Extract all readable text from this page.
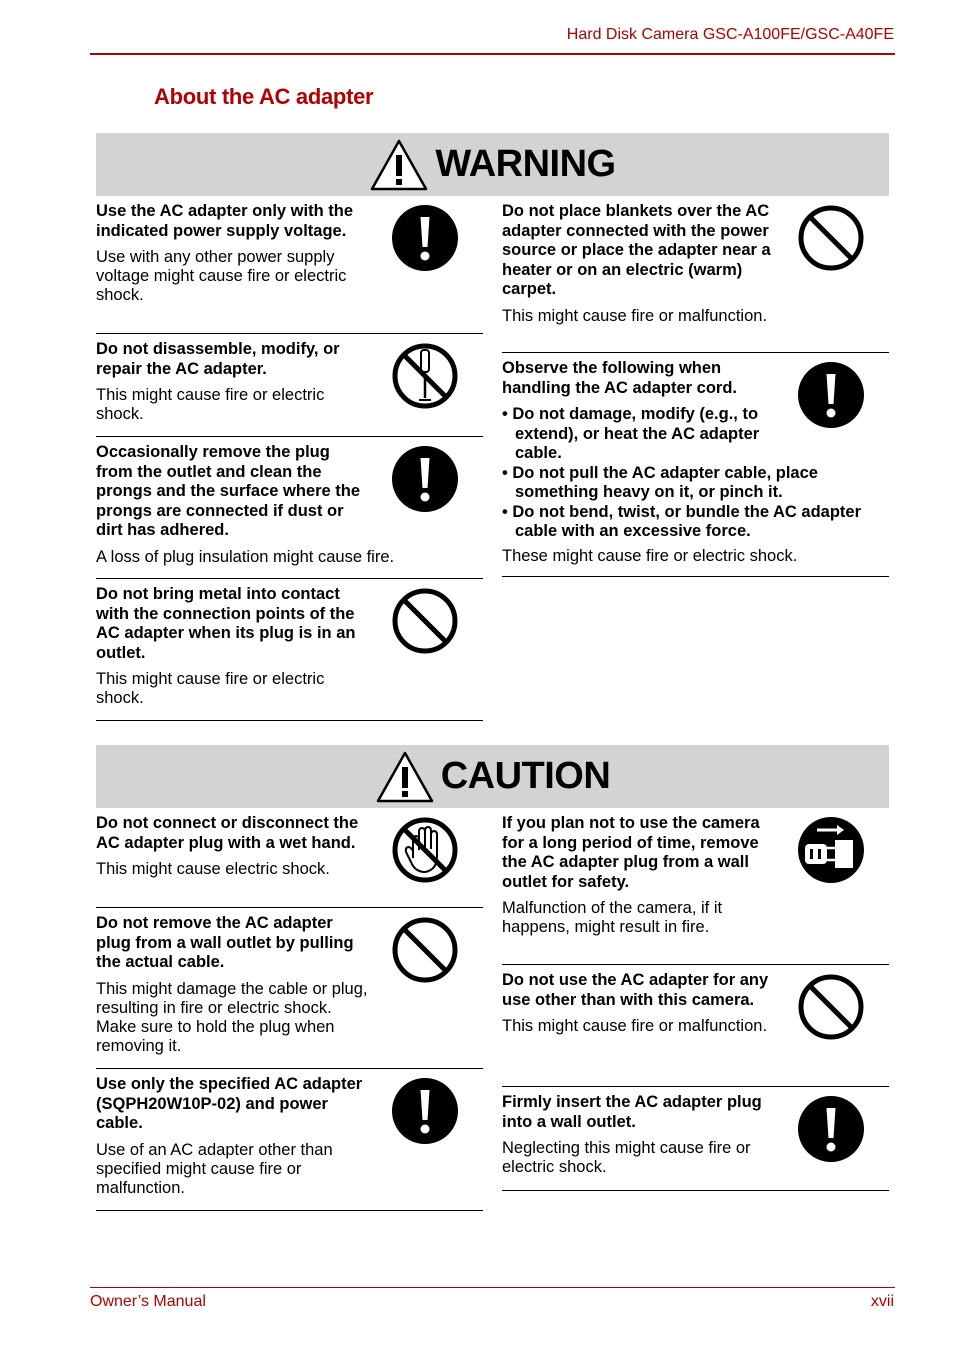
Hard Disk Camera GSC-A100FE/GSC-A40FE
About the AC adapter
WARNING

Use the AC adapter only with the indicated power supply voltage.

Use with any other power supply voltage might cause fire or electric shock.

Do not disassemble, modify, or repair the AC adapter.

This might cause fire or electric shock.

Occasionally remove the plug from the outlet and clean the prongs and the surface where the prongs are connected if dust or dirt has adhered.

A loss of plug insulation might cause fire.

Do not bring metal into contact with the connection points of the AC adapter when its plug is in an outlet.

This might cause fire or electric shock.

Do not place blankets over the AC adapter connected with the power source or place the adapter near a heater or on an electric (warm) carpet.

This might cause fire or malfunction.

Observe the following when handling the AC adapter cord.

• Do not damage, modify (e.g., to extend), or heat the AC adapter cable.
• Do not pull the AC adapter cable, place something heavy on it, or pinch it.
• Do not bend, twist, or bundle the AC adapter cable with an excessive force.

These might cause fire or electric shock.

CAUTION

Do not connect or disconnect the AC adapter plug with a wet hand.

This might cause electric shock.

Do not remove the AC adapter plug from a wall outlet by pulling the actual cable.

This might damage the cable or plug, resulting in fire or electric shock. Make sure to hold the plug when removing it.

Use only the specified AC adapter (SQPH20W10P-02) and power cable.

Use of an AC adapter other than specified might cause fire or malfunction.

If you plan not to use the camera for a long period of time, remove the AC adapter plug from a wall outlet for safety.

Malfunction of the camera, if it happens, might result in fire.

Do not use the AC adapter for any use other than with this camera.

This might cause fire or malfunction.

Firmly insert the AC adapter plug into a wall outlet.

Neglecting this might cause fire or electric shock.

Owner’s Manual	xvii
